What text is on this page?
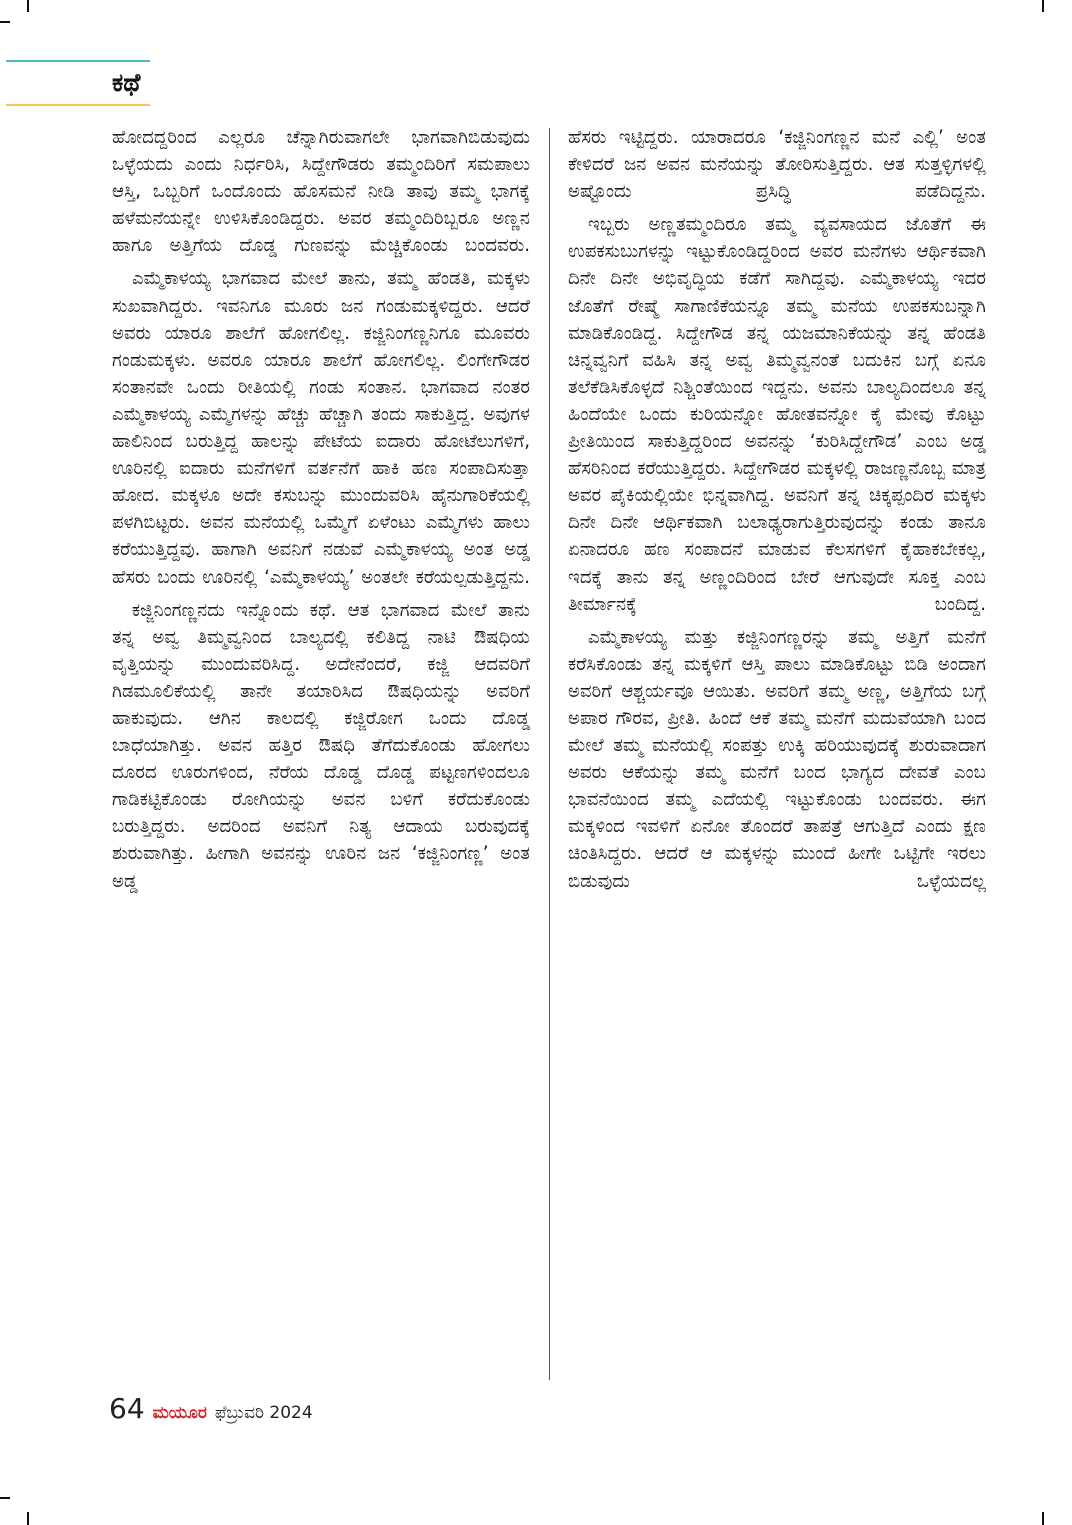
ಕಥೆ

ಹೋದದ್ದರಿಂದ ಎಲ್ಲರೂ ಚೆನ್ನಾಗಿರುವಾಗಲೇ ಭಾಗವಾಗಿಬಿಡುವುದು ಒಳ್ಳೆಯದು ಎಂದು ನಿರ್ಧರಿಸಿ, ಸಿದ್ದೇಗೌಡರು ತಮ್ಮಂದಿರಿಗೆ ಸಮಪಾಲು ಆಸ್ತಿ, ಒಬ್ಬರಿಗೆ ಒಂದೊಂದು ಹೊಸಮನೆ ನೀಡಿ ತಾವು ತಮ್ಮ ಭಾಗಕ್ಕೆ ಹಳೆಮನೆಯನ್ನೇ ಉಳಿಸಿಕೊಂಡಿದ್ದರು. ಅವರ ತಮ್ಮಂದಿರಿಬ್ಬರೂ ಅಣ್ಣನ ಹಾಗೂ ಅತ್ತಿಗೆಯ ದೊಡ್ಡ ಗುಣವನ್ನು ಮೆಚ್ಚಿಕೊಂಡು ಬಂದವರು.

ಎಮ್ಮೆಕಾಳಯ್ಯ ಭಾಗವಾದ ಮೇಲೆ ತಾನು, ತಮ್ಮ ಹೆಂಡತಿ, ಮಕ್ಕಳು ಸುಖವಾಗಿದ್ದರು. ಇವನಿಗೂ ಮೂರು ಜನ ಗಂಡುಮಕ್ಕಳಿದ್ದರು. ಆದರೆ ಅವರು ಯಾರೂ ಶಾಲೆಗೆ ಹೋಗಲಿಲ್ಲ. ಕಜ್ಜಿನಿಂಗಣ್ಣನಿಗೂ ಮೂವರು ಗಂಡುಮಕ್ಕಳು. ಅವರೂ ಯಾರೂ ಶಾಲೆಗೆ ಹೋಗಲಿಲ್ಲ. ಲಿಂಗೇಗೌಡರ ಸಂತಾನವೇ ಒಂದು ರೀತಿಯಲ್ಲಿ ಗಂಡು ಸಂತಾನ. ಭಾಗವಾದ ನಂತರ ಎಮ್ಮೆಕಾಳಯ್ಯ ಎಮ್ಮೆಗಳನ್ನು ಹೆಚ್ಚು ಹೆಚ್ಚಾಗಿ ತಂದು ಸಾಕುತ್ತಿದ್ದ. ಅವುಗಳ ಹಾಲಿನಿಂದ ಬರುತ್ತಿದ್ದ ಹಾಲನ್ನು ಪೇಟೆಯ ಐದಾರು ಹೋಟೆಲುಗಳಿಗೆ, ಊರಿನಲ್ಲಿ ಐದಾರು ಮನೆಗಳಿಗೆ ವರ್ತನೆಗೆ ಹಾಕಿ ಹಣ ಸಂಪಾದಿಸುತ್ತಾ ಹೋದ. ಮಕ್ಕಳೂ ಅದೇ ಕಸುಬನ್ನು ಮುಂದುವರಿಸಿ ಹೈನುಗಾರಿಕೆಯಲ್ಲಿ ಪಳಗಿಬಿಟ್ಟರು. ಅವನ ಮನೆಯಲ್ಲಿ ಒಮ್ಮೆಗೆ ಏಳೆಂಟು ಎಮ್ಮೆಗಳು ಹಾಲು ಕರೆಯುತ್ತಿದ್ದವು. ಹಾಗಾಗಿ ಅವನಿಗೆ ನಡುವೆ ಎಮ್ಮೆಕಾಳಯ್ಯ ಅಂತ ಅಡ್ಡ ಹೆಸರು ಬಂದು ಊರಿನಲ್ಲಿ ‘ಎಮ್ಮೆಕಾಳಯ್ಯ’ ಅಂತಲೇ ಕರೆಯಲ್ಪಡುತ್ತಿದ್ದನು.

ಕಜ್ಜಿನಿಂಗಣ್ಣನದು ಇನ್ನೊಂದು ಕಥೆ. ಆತ ಭಾಗವಾದ ಮೇಲೆ ತಾನು ತನ್ನ ಅವ್ವ ತಿಮ್ಮವ್ವನಿಂದ ಬಾಲ್ಯದಲ್ಲಿ ಕಲಿತಿದ್ದ ನಾಟಿ ಔಷಧಿಯ ವೃತ್ತಿಯನ್ನು ಮುಂದುವರಿಸಿದ್ದ. ಅದೇನೆಂದರೆ, ಕಜ್ಜಿ ಆದವರಿಗೆ ಗಿಡಮೂಲಿಕೆಯಲ್ಲಿ ತಾನೇ ತಯಾರಿಸಿದ ಔಷಧಿಯನ್ನು ಅವರಿಗೆ ಹಾಕುವುದು. ಆಗಿನ ಕಾಲದಲ್ಲಿ ಕಜ್ಜಿರೋಗ ಒಂದು ದೊಡ್ಡ ಬಾಧೆಯಾಗಿತ್ತು. ಅವನ ಹತ್ತಿರ ಔಷಧಿ ತೆಗೆದುಕೊಂಡು ಹೋಗಲು ದೂರದ ಊರುಗಳಿಂದ, ನೆರೆಯ ದೊಡ್ಡ ದೊಡ್ಡ ಪಟ್ಟಣಗಳಿಂದಲೂ ಗಾಡಿಕಟ್ಟಿಕೊಂಡು ರೋಗಿಯನ್ನು ಅವನ ಬಳಿಗೆ ಕರೆದುಕೊಂಡು ಬರುತ್ತಿದ್ದರು. ಅದರಿಂದ ಅವನಿಗೆ ನಿತ್ಯ ಆದಾಯ ಬರುವುದಕ್ಕೆ ಶುರುವಾಗಿತ್ತು. ಹೀಗಾಗಿ ಅವನನ್ನು ಊರಿನ ಜನ ‘ಕಜ್ಜಿನಿಂಗಣ್ಣ’ ಅಂತ ಅಡ್ಡ

ಹೆಸರು ಇಟ್ಟಿದ್ದರು. ಯಾರಾದರೂ ‘ಕಜ್ಜಿನಿಂಗಣ್ಣನ ಮನೆ ಎಲ್ಲಿ’ ಅಂತ ಕೇಳಿದರೆ ಜನ ಅವನ ಮನೆಯನ್ನು ತೋರಿಸುತ್ತಿದ್ದರು. ಆತ ಸುತ್ತಳ್ಳಿಗಳಲ್ಲಿ ಅಷ್ಟೊಂದು	ಪ್ರಸಿದ್ಧಿ ಪಡೆದಿದ್ದನು.

ಇಬ್ಬರು ಅಣ್ಣತಮ್ಮಂದಿರೂ ತಮ್ಮ ವ್ಯವಸಾಯದ ಜೊತೆಗೆ ಈ ಉಪಕಸುಬುಗಳನ್ನು ಇಟ್ಟುಕೊಂಡಿದ್ದರಿಂದ ಅವರ ಮನೆಗಳು ಆರ್ಥಿಕವಾಗಿ ದಿನೇ ದಿನೇ ಅಭಿವೃದ್ಧಿಯ ಕಡೆಗೆ ಸಾಗಿದ್ದವು. ಎಮ್ಮೆಕಾಳಯ್ಯ ಇದರ ಜೊತೆಗೆ ರೇಷ್ಮೆ ಸಾಗಾಣಿಕೆಯನ್ನೂ ತಮ್ಮ ಮನೆಯ ಉಪಕಸುಬನ್ನಾಗಿ ಮಾಡಿಕೊಂಡಿದ್ದ. ಸಿದ್ದೇಗೌಡ ತನ್ನ ಯಜಮಾನಿಕೆಯನ್ನು ತನ್ನ ಹೆಂಡತಿ ಚಿನ್ನವ್ವನಿಗೆ ವಹಿಸಿ ತನ್ನ ಅವ್ವ ತಿಮ್ಮವ್ವನಂತೆ ಬದುಕಿನ ಬಗ್ಗೆ ಏನೂ ತಲೆಕೆಡಿಸಿಕೊಳ್ಳದೆ ನಿಶ್ಚಿಂತೆಯಿಂದ ಇದ್ದನು. ಅವನು ಬಾಲ್ಯದಿಂದಲೂ ತನ್ನ ಹಿಂದೆಯೇ ಒಂದು ಕುರಿಯನ್ನೋ ಹೋತವನ್ನೋ ಕೈ ಮೇವು ಕೊಟ್ಟು ಪ್ರೀತಿಯಿಂದ ಸಾಕುತ್ತಿದ್ದರಿಂದ ಅವನನ್ನು ‘ಕುರಿಸಿದ್ದೇಗೌಡ’ ಎಂಬ ಅಡ್ಡ ಹೆಸರಿನಿಂದ ಕರೆಯುತ್ತಿದ್ದರು. ಸಿದ್ದೇಗೌಡರ ಮಕ್ಕಳಲ್ಲಿ ರಾಜಣ್ಣನೊಬ್ಬ ಮಾತ್ರ ಅವರ ಪೈಕಿಯಲ್ಲಿಯೇ ಭಿನ್ನವಾಗಿದ್ದ. ಅವನಿಗೆ ತನ್ನ ಚಿಕ್ಕಪ್ಪಂದಿರ ಮಕ್ಕಳು ದಿನೇ ದಿನೇ ಆರ್ಥಿಕವಾಗಿ ಬಲಾಢ್ಯರಾಗುತ್ತಿರುವುದನ್ನು ಕಂಡು ತಾನೂ ಏನಾದರೂ ಹಣ ಸಂಪಾದನೆ ಮಾಡುವ ಕೆಲಸಗಳಿಗೆ ಕೈಹಾಕಬೇಕಲ್ಲ, ಇದಕ್ಕೆ ತಾನು ತನ್ನ ಅಣ್ಣಂದಿರಿಂದ ಬೇರೆ ಆಗುವುದೇ ಸೂಕ್ತ ಎಂಬ ತೀರ್ಮಾನಕ್ಕೆ ಬಂದಿದ್ದ.

ಎಮ್ಮೆಕಾಳಯ್ಯ ಮತ್ತು ಕಜ್ಜಿನಿಂಗಣ್ಣರನ್ನು ತಮ್ಮ ಅತ್ತಿಗೆ ಮನೆಗೆ ಕರೆಸಿಕೊಂಡು ತನ್ನ ಮಕ್ಕಳಿಗೆ ಆಸ್ತಿ ಪಾಲು ಮಾಡಿಕೊಟ್ಟು ಬಿಡಿ ಅಂದಾಗ ಅವರಿಗೆ ಆಶ್ಚರ್ಯವೂ ಆಯಿತು. ಅವರಿಗೆ ತಮ್ಮ ಅಣ್ಣ, ಅತ್ತಿಗೆಯ ಬಗ್ಗೆ ಅಪಾರ ಗೌರವ, ಪ್ರೀತಿ. ಹಿಂದೆ ಆಕೆ ತಮ್ಮ ಮನೆಗೆ ಮದುವೆಯಾಗಿ ಬಂದ ಮೇಲೆ ತಮ್ಮ ಮನೆಯಲ್ಲಿ ಸಂಪತ್ತು ಉಕ್ಕಿ ಹರಿಯುವುದಕ್ಕೆ ಶುರುವಾದಾಗ ಅವರು ಆಕೆಯನ್ನು ತಮ್ಮ ಮನೆಗೆ ಬಂದ ಭಾಗ್ಯದ ದೇವತೆ ಎಂಬ ಭಾವನೆಯಿಂದ ತಮ್ಮ ಎದೆಯಲ್ಲಿ ಇಟ್ಟುಕೊಂಡು ಬಂದವರು. ಈಗ ಮಕ್ಕಳಿಂದ ಇವಳಿಗೆ ಏನೋ ತೊಂದರೆ ತಾಪತ್ರೆ ಆಗುತ್ತಿದೆ ಎಂದು ಕ್ಷಣ ಚಿಂತಿಸಿದ್ದರು. ಆದರೆ ಆ ಮಕ್ಕಳನ್ನು ಮುಂದೆ ಹೀಗೇ ಒಟ್ಟಿಗೇ ಇರಲು ಬಿಡುವುದು ಒಳ್ಳೆಯದಲ್ಲ

64 ಮಯೂರ ಫೆಬ್ರುವರಿ 2024
